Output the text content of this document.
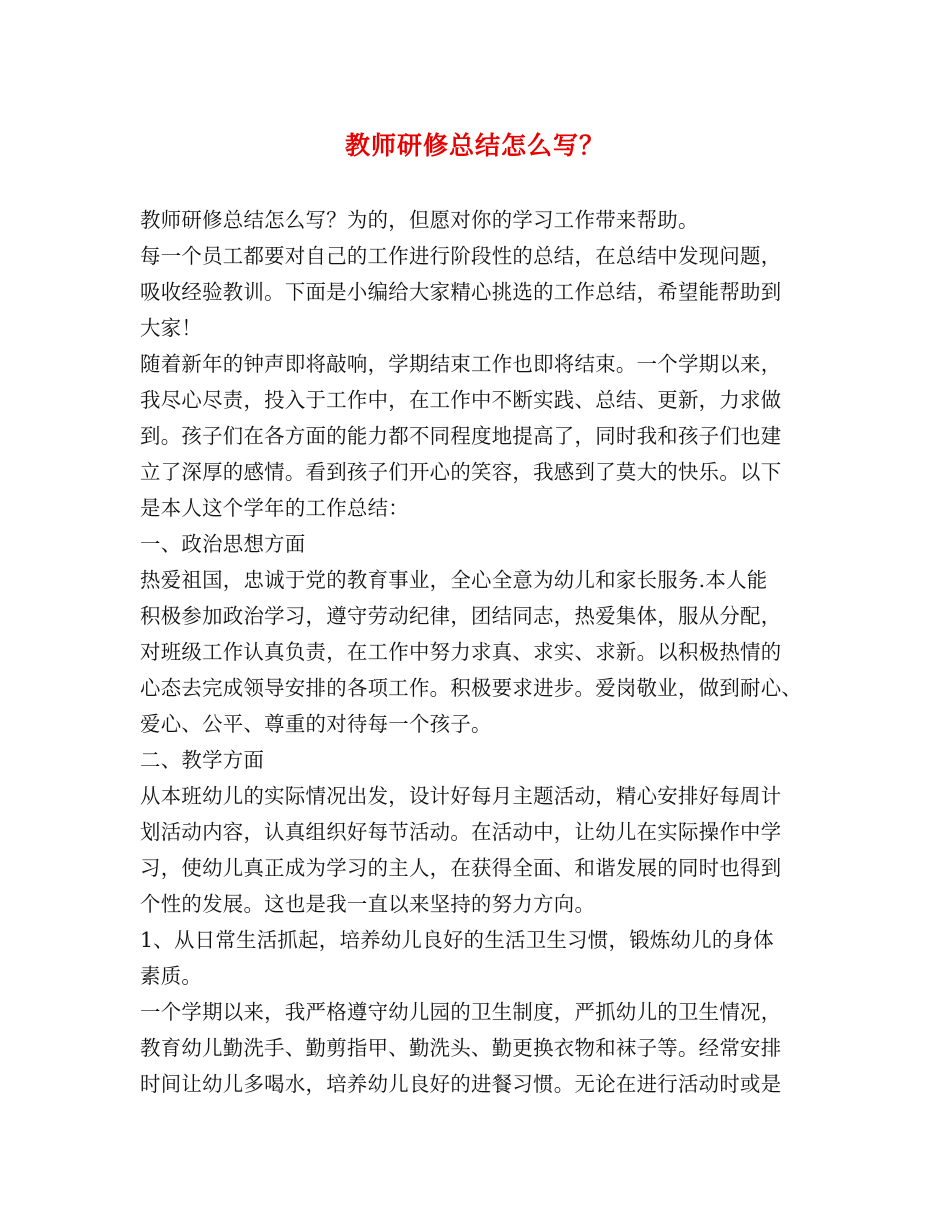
教师研修总结怎么写？
教师研修总结怎么写？为的，但愿对你的学习工作带来帮助。
每一个员工都要对自己的工作进行阶段性的总结，在总结中发现问题，
吸收经验教训。下面是小编给大家精心挑选的工作总结，希望能帮助到
大家！
随着新年的钟声即将敲响，学期结束工作也即将结束。一个学期以来，
我尽心尽责，投入于工作中，在工作中不断实践、总结、更新，力求做
到。孩子们在各方面的能力都不同程度地提高了，同时我和孩子们也建
立了深厚的感情。看到孩子们开心的笑容，我感到了莫大的快乐。以下
是本人这个学年的工作总结：
一、政治思想方面
热爱祖国，忠诚于党的教育事业，全心全意为幼儿和家长服务.本人能
积极参加政治学习，遵守劳动纪律，团结同志，热爱集体，服从分配，
对班级工作认真负责，在工作中努力求真、求实、求新。以积极热情的
心态去完成领导安排的各项工作。积极要求进步。爱岗敬业，做到耐心、
爱心、公平、尊重的对待每一个孩子。
二、教学方面
从本班幼儿的实际情况出发，设计好每月主题活动，精心安排好每周计
划活动内容，认真组织好每节活动。在活动中，让幼儿在实际操作中学
习，使幼儿真正成为学习的主人，在获得全面、和谐发展的同时也得到
个性的发展。这也是我一直以来坚持的努力方向。
1、从日常生活抓起，培养幼儿良好的生活卫生习惯，锻炼幼儿的身体
素质。
一个学期以来，我严格遵守幼儿园的卫生制度，严抓幼儿的卫生情况，
教育幼儿勤洗手、勤剪指甲、勤洗头、勤更换衣物和袜子等。经常安排
时间让幼儿多喝水，培养幼儿良好的进餐习惯。无论在进行活动时或是
